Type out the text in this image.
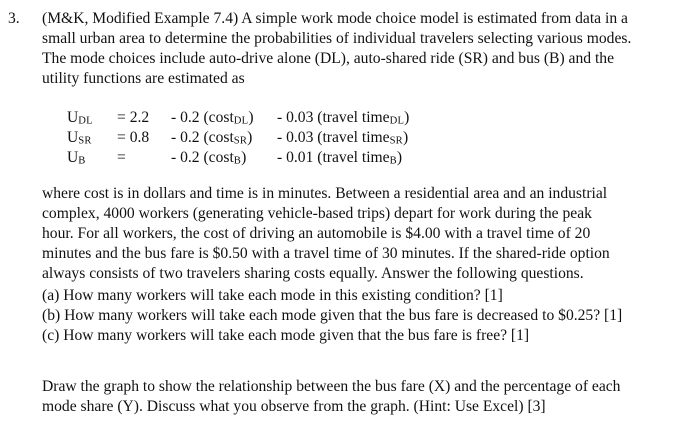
3. (M&K, Modified Example 7.4) A simple work mode choice model is estimated from data in a
small urban area to determine the probabilities of individual travelers selecting various modes.
The mode choices include auto-drive alone (DL), auto-shared ride (SR) and bus (B) and the
utility functions are estimated as

UDL = 2.2 - 0.2 (costDL) - 0.03 (travel timeDL)
USR = 0.8 - 0.2 (costSR) - 0.03 (travel timeSR)
UB =	- 0.2 (costB) - 0.01 (travel timeB)

where cost is in dollars and time is in minutes. Between a residential area and an industrial
complex, 4000 workers (generating vehicle-based trips) depart for work during the peak
hour. For all workers, the cost of driving an automobile is $4.00 with a travel time of 20
minutes and the bus fare is $0.50 with a travel time of 30 minutes. If the shared-ride option
always consists of two travelers sharing costs equally. Answer the following questions.

(a) How many workers will take each mode in this existing condition? [1]
(b) How many workers will take each mode given that the bus fare is decreased to $0.25? [1]
(c) How many workers will take each mode given that the bus fare is free? [1]

Draw the graph to show the relationship between the bus fare (X) and the percentage of each
mode share (Y). Discuss what you observe from the graph. (Hint: Use Excel) [3]
